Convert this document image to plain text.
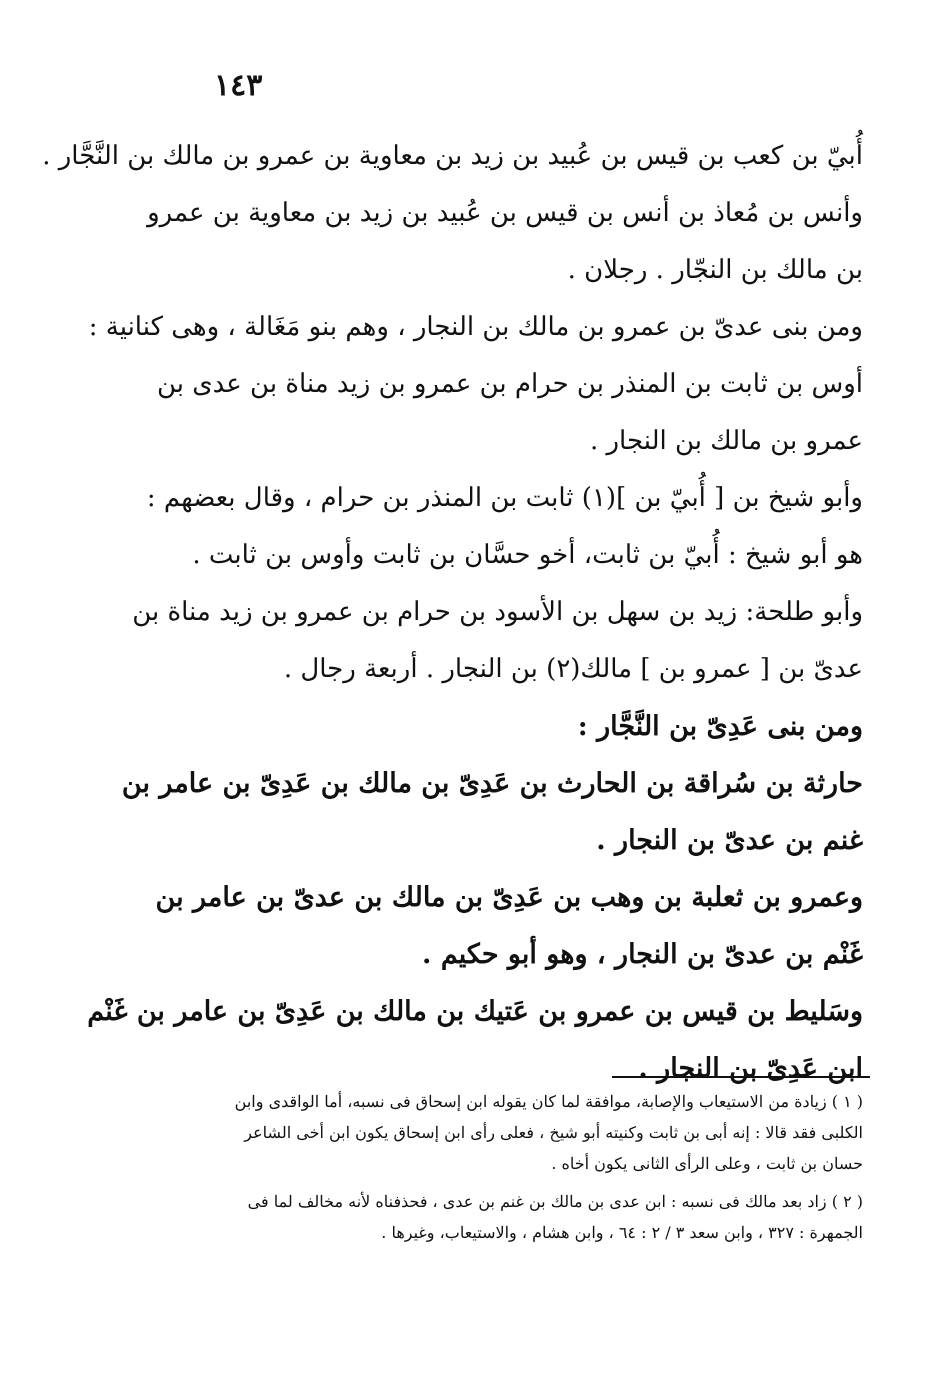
١٤٣
أُبيّ بن كعب بن قيس بن عُبيد بن زيد بن معاوية بن عمرو بن مالك بن النَّجَّار .
وأنس بن مُعاذ بن أنس بن قيس بن عُبيد بن زيد بن معاوية بن عمرو
بن مالك بن النجّار . رجلان .
ومن بنى عدىّ بن عمرو بن مالك بن النجار ، وهم بنو مَغَالة ، وهى كنانية :
أوس بن ثابت بن المنذر بن حرام بن عمرو بن زيد مناة بن عدى بن
عمرو بن مالك بن النجار .
وأبو شيخ بن [ أُبيّ بن ](١) ثابت بن المنذر بن حرام ، وقال بعضهم :
هو أبو شيخ : أُبيّ بن ثابت، أخو حسَّان بن ثابت وأوس بن ثابت .
وأبو طلحة: زيد بن سهل بن الأسود بن حرام بن عمرو بن زيد مناة بن
عدىّ بن [ عمرو بن ] مالك(٢) بن النجار . أربعة رجال .
ومن بنى عَدِىّ بن النَّجَّار :
حارثة بن سُراقة بن الحارث بن عَدِىّ بن مالك بن عَدِىّ بن عامر بن
غنم بن عدىّ بن النجار .
وعمرو بن ثعلبة بن وهب بن عَدِىّ بن مالك بن عدىّ بن عامر بن
غَنْم بن عدىّ بن النجار ، وهو أبو حكيم .
وسَليط بن قيس بن عمرو بن عَتيك بن مالك بن عَدِىّ بن عامر بن غَنْم
ابن عَدِىّ بن النجار .
( ١ ) زيادة من الاستيعاب والإصابة، موافقة لما كان يقوله ابن إسحاق فى نسبه، أما الواقدى وابن
الكلبى فقد قالا : إنه أبى بن ثابت وكنيته أبو شيخ ، فعلى رأى ابن إسحاق يكون ابن أخى الشاعر
حسان بن ثابت ، وعلى الرأى الثانى يكون أخاه .
( ٢ ) زاد بعد مالك فى نسبه : ابن عدى بن مالك بن غنم بن عدى ، فحذفناه لأنه مخالف لما فى
الجمهرة : ٣٢٧ ، وابن سعد ٣ / ٢ : ٦٤ ، وابن هشام ، والاستيعاب، وغيرها .
